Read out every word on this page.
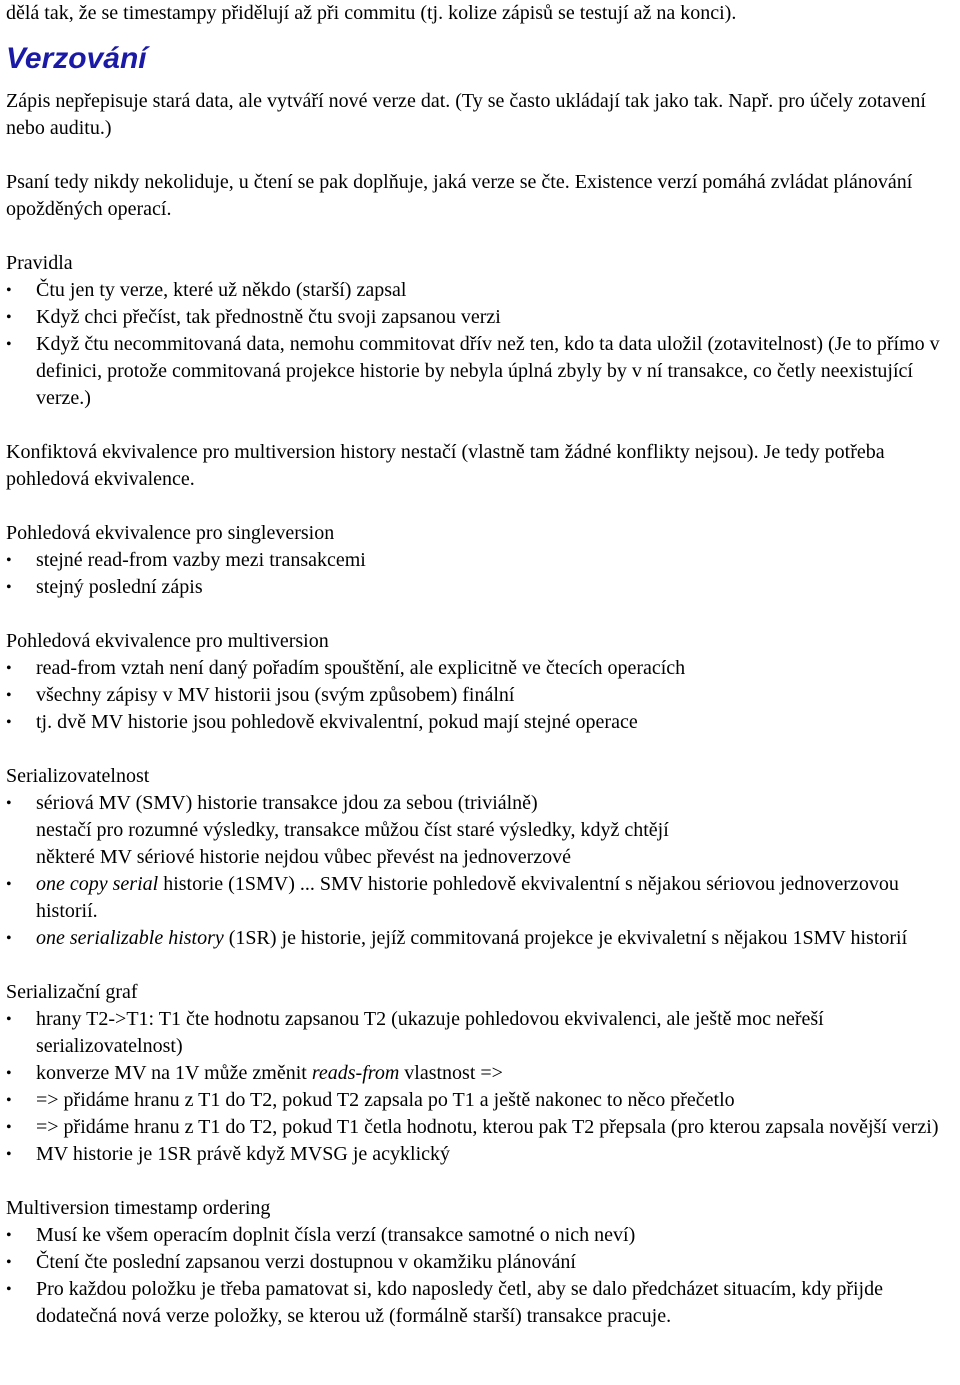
dělá tak, že se timestampy přidělují až při commitu (tj. kolize zápisů se testují až na konci).

Verzování

Zápis nepřepisuje stará data, ale vytváří nové verze dat. (Ty se často ukládají tak jako tak. Např. pro účely zotavení nebo auditu.)

Psaní tedy nikdy nekoliduje, u čtení se pak doplňuje, jaká verze se čte. Existence verzí pomáhá zvládat plánování opožděných operací.

Pravidla

•	Čtu jen ty verze, které už někdo (starší) zapsal
•	Když chci přečíst, tak přednostně čtu svoji zapsanou verzi
•	Když čtu necommitovaná data, nemohu commitovat dřív než ten, kdo ta data uložil (zotavitelnost) (Je to přímo v definici, protože commitovaná projekce historie by nebyla úplná zbyly by v ní transakce, co četly neexistující verze.)

Konfiktová ekvivalence pro multiversion history nestačí (vlastně tam žádné konflikty nejsou). Je tedy potřeba pohledová ekvivalence.

Pohledová ekvivalence pro singleversion

•	stejné read-from vazby mezi transakcemi
•	stejný poslední zápis

Pohledová ekvivalence pro multiversion

•	read-from vztah není daný pořadím spouštění, ale explicitně ve čtecích operacích
•	všechny zápisy v MV historii jsou (svým způsobem) finální
•	tj. dvě MV historie jsou pohledově ekvivalentní, pokud mají stejné operace

Serializovatelnost

•	sériová MV (SMV) historie transakce jdou za sebou (triviálně)
nestačí pro rozumné výsledky, transakce můžou číst staré výsledky, když chtějí
některé MV sériové historie nejdou vůbec převést na jednoverzové
•	one copy serial historie (1SMV) ... SMV historie pohledově ekvivalentní s nějakou sériovou jednoverzovou historií.
•	one serializable history (1SR) je historie, jejíž commitovaná projekce je ekvivaletní s nějakou 1SMV historií

Serializační graf

•	hrany T2->T1: T1 čte hodnotu zapsanou T2 (ukazuje pohledovou ekvivalenci, ale ještě moc neřeší serializovatelnost)
•	konverze MV na 1V může změnit reads-from vlastnost =>
•	=> přidáme hranu z T1 do T2, pokud T2 zapsala po T1 a ještě nakonec to něco přečetlo
•	=> přidáme hranu z T1 do T2, pokud T1 četla hodnotu, kterou pak T2 přepsala (pro kterou zapsala novější verzi)
•	MV historie je 1SR právě když MVSG je acyklický

Multiversion timestamp ordering

•	Musí ke všem operacím doplnit čísla verzí (transakce samotné o nich neví)
•	Čtení čte poslední zapsanou verzi dostupnou v okamžiku plánování
•	Pro každou položku je třeba pamatovat si, kdo naposledy četl, aby se dalo předcházet situacím, kdy přijde dodatečná nová verze položky, se kterou už (formálně starší) transakce pracuje.
